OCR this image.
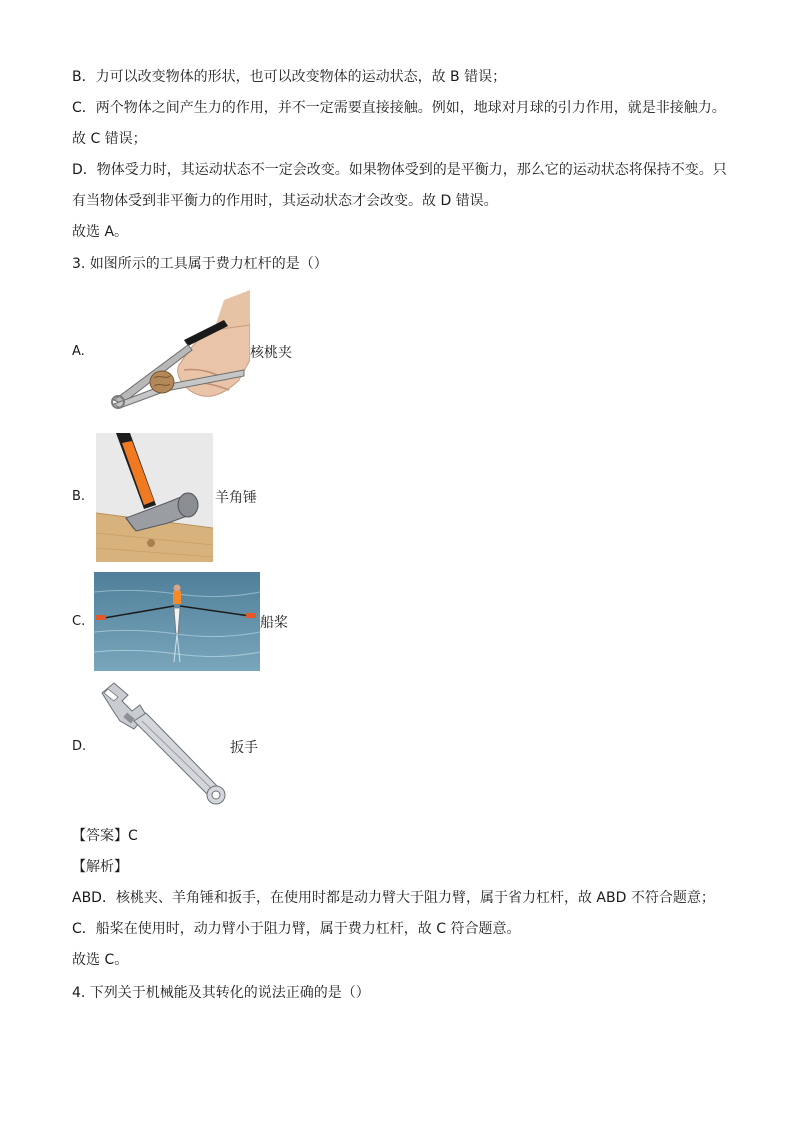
B．力可以改变物体的形状，也可以改变物体的运动状态，故 B 错误；
C．两个物体之间产生力的作用，并不一定需要直接接触。例如，地球对月球的引力作用，就是非接触力。
故 C 错误；
D．物体受力时，其运动状态不一定会改变。如果物体受到的是平衡力，那么它的运动状态将保持不变。只
有当物体受到非平衡力的作用时，其运动状态才会改变。故 D 错误。
故选 A。
3. 如图所示的工具属于费力杠杆的是（）
A.	核桃夹
B.	羊角锤
C.	船桨
D.	扳手
【答案】C
【解析】
ABD．核桃夹、羊角锤和扳手，在使用时都是动力臂大于阻力臂，属于省力杠杆，故 ABD 不符合题意；
C．船桨在使用时，动力臂小于阻力臂，属于费力杠杆，故 C 符合题意。
故选 C。
4. 下列关于机械能及其转化的说法正确的是（）
